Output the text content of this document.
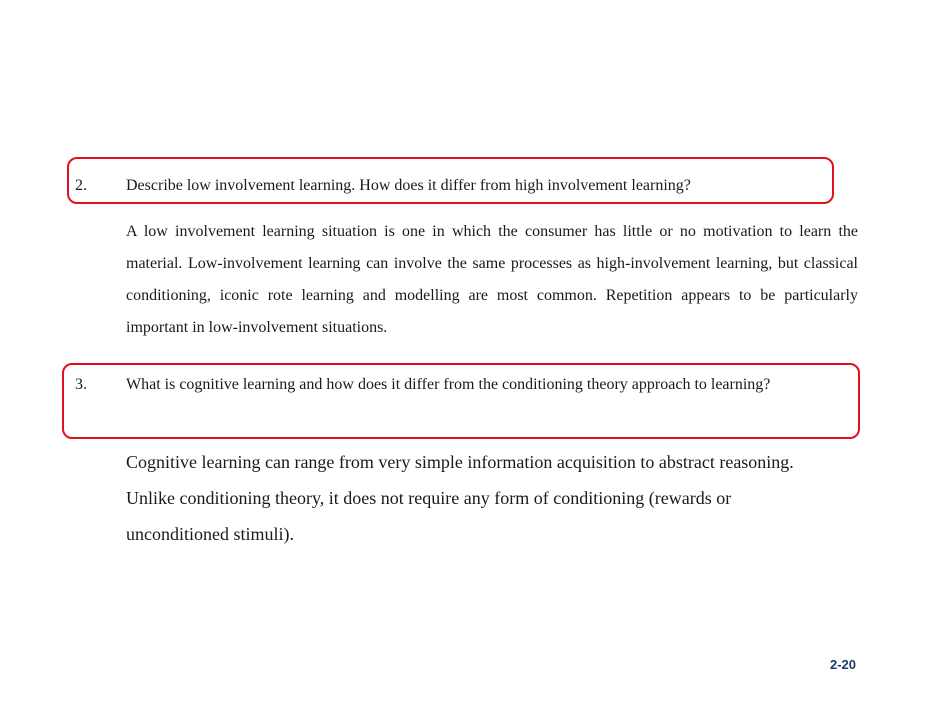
2. Describe low involvement learning. How does it differ from high involvement learning?
A low involvement learning situation is one in which the consumer has little or no motivation to learn the material. Low-involvement learning can involve the same processes as high-involvement learning, but classical conditioning, iconic rote learning and modelling are most common. Repetition appears to be particularly important in low-involvement situations.
3. What is cognitive learning and how does it differ from the conditioning theory approach to learning?
Cognitive learning can range from very simple information acquisition to abstract reasoning. Unlike conditioning theory, it does not require any form of conditioning (rewards or unconditioned stimuli).
2-20
